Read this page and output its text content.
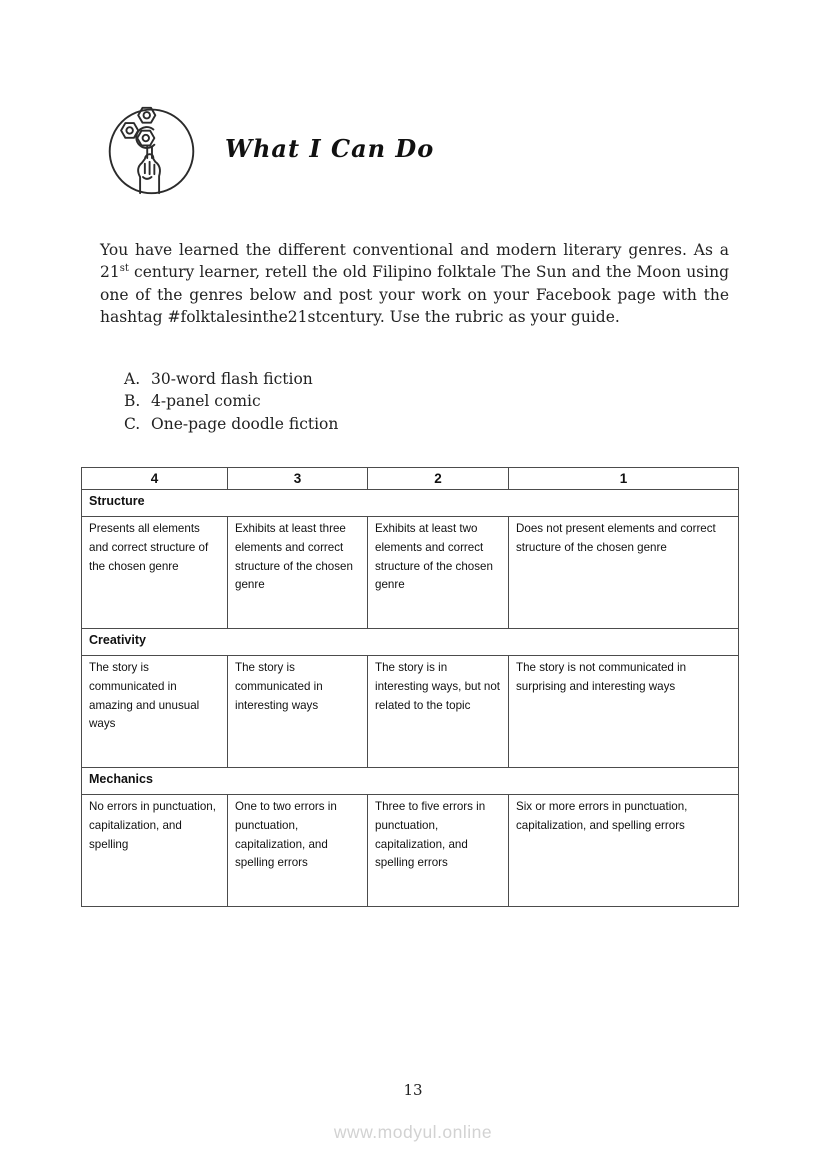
What I Can Do

You have learned the different conventional and modern literary genres. As a 21st century learner, retell the old Filipino folktale The Sun and the Moon using one of the genres below and post your work on your Facebook page with the hashtag #folktalesinthe21stcentury. Use the rubric as your guide.

A. 30-word flash fiction
B. 4-panel comic
C. One-page doodle fiction
4	3	2	1
Structure			
Presents all elements and correct structure of the chosen genre	Exhibits at least three elements and correct structure of the chosen genre	Exhibits at least two elements and correct structure of the chosen genre	Does not present elements and correct structure of the chosen genre
Creativity			
The story is communicated in amazing and unusual ways	The story is communicated in interesting ways	The story is in interesting ways, but not related to the topic	The story is not communicated in surprising and interesting ways
Mechanics			
No errors in punctuation, capitalization, and spelling	One to two errors in punctuation, capitalization, and spelling errors	Three to five errors in punctuation, capitalization, and spelling errors	Six or more errors in punctuation, capitalization, and spelling errors
13
www.modyul.online
